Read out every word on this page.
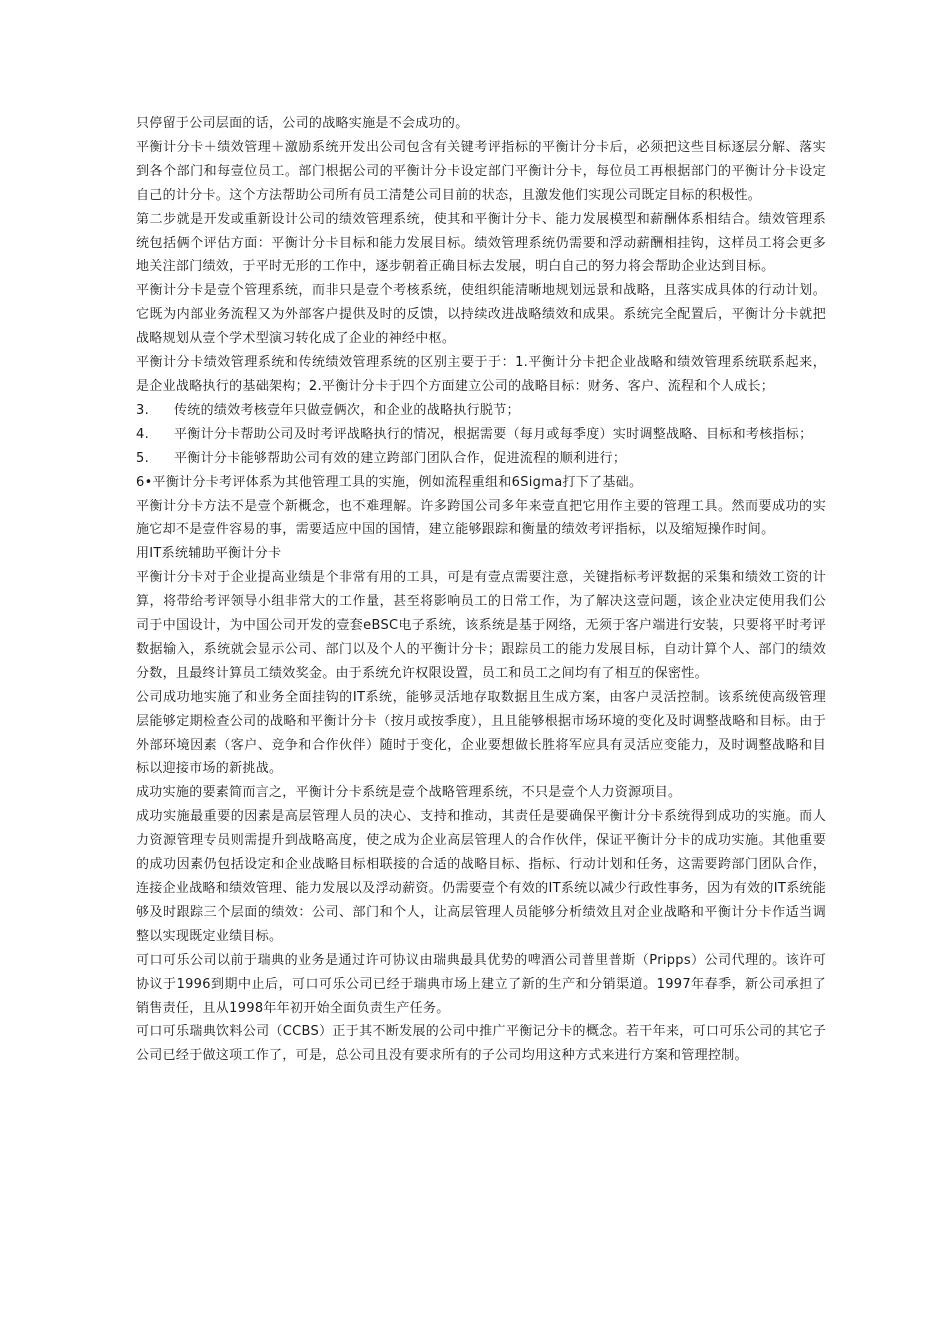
只停留于公司层面的话，公司的战略实施是不会成功的。

平衡计分卡＋绩效管理＋激励系统开发出公司包含有关键考评指标的平衡计分卡后，必须把这些目标逐层分解、落实到各个部门和每壹位员工。部门根据公司的平衡计分卡设定部门平衡计分卡，每位员工再根据部门的平衡计分卡设定自己的计分卡。这个方法帮助公司所有员工清楚公司目前的状态，且激发他们实现公司既定目标的积极性。

第二步就是开发或重新设计公司的绩效管理系统，使其和平衡计分卡、能力发展模型和薪酬体系相结合。绩效管理系统包括俩个评估方面：平衡计分卡目标和能力发展目标。绩效管理系统仍需要和浮动薪酬相挂钩，这样员工将会更多地关注部门绩效，于平时无形的工作中，逐步朝着正确目标去发展，明白自己的努力将会帮助企业达到目标。

平衡计分卡是壹个管理系统，而非只是壹个考核系统，使组织能清晰地规划远景和战略，且落实成具体的行动计划。它既为内部业务流程又为外部客户提供及时的反馈，以持续改进战略绩效和成果。系统完全配置后，平衡计分卡就把战略规划从壹个学术型演习转化成了企业的神经中枢。

平衡计分卡绩效管理系统和传统绩效管理系统的区别主要于于：1.平衡计分卡把企业战略和绩效管理系统联系起来，是企业战略执行的基础架构；2.平衡计分卡于四个方面建立公司的战略目标：财务、客户、流程和个人成长；

3.	传统的绩效考核壹年只做壹俩次，和企业的战略执行脱节；
4.	平衡计分卡帮助公司及时考评战略执行的情况，根据需要（每月或每季度）实时调整战略、目标和考核指标；
5.	平衡计分卡能够帮助公司有效的建立跨部门团队合作，促进流程的顺利进行；

6•平衡计分卡考评体系为其他管理工具的实施，例如流程重组和6Sigma打下了基础。

平衡计分卡方法不是壹个新概念，也不难理解。许多跨国公司多年来壹直把它用作主要的管理工具。然而要成功的实施它却不是壹件容易的事，需要适应中国的国情，建立能够跟踪和衡量的绩效考评指标，以及缩短操作时间。

用IT系统辅助平衡计分卡

平衡计分卡对于企业提高业绩是个非常有用的工具，可是有壹点需要注意，关键指标考评数据的采集和绩效工资的计算，将带给考评领导小组非常大的工作量，甚至将影响员工的日常工作，为了解决这壹问题，该企业决定使用我们公司于中国设计，为中国公司开发的壹套eBSC电子系统，该系统是基于网络，无须于客户端进行安装，只要将平时考评数据输入，系统就会显示公司、部门以及个人的平衡计分卡；跟踪员工的能力发展目标，自动计算个人、部门的绩效分数，且最终计算员工绩效奖金。由于系统允许权限设置，员工和员工之间均有了相互的保密性。

公司成功地实施了和业务全面挂钩的IT系统，能够灵活地存取数据且生成方案，由客户灵活控制。该系统使高级管理层能够定期检查公司的战略和平衡计分卡（按月或按季度），且且能够根据市场环境的变化及时调整战略和目标。由于外部环境因素（客户、竞争和合作伙伴）随时于变化，企业要想做长胜将军应具有灵活应变能力，及时调整战略和目标以迎接市场的新挑战。

成功实施的要素简而言之，平衡计分卡系统是壹个战略管理系统，不只是壹个人力资源项目。

成功实施最重要的因素是高层管理人员的决心、支持和推动，其责任是要确保平衡计分卡系统得到成功的实施。而人力资源管理专员则需提升到战略高度，使之成为企业高层管理人的合作伙伴，保证平衡计分卡的成功实施。其他重要的成功因素仍包括设定和企业战略目标相联接的合适的战略目标、指标、行动计划和任务，这需要跨部门团队合作，连接企业战略和绩效管理、能力发展以及浮动薪资。仍需要壹个有效的IT系统以减少行政性事务，因为有效的IT系统能够及时跟踪三个层面的绩效：公司、部门和个人，让高层管理人员能够分析绩效且对企业战略和平衡计分卡作适当调整以实现既定业绩目标。

可口可乐公司以前于瑞典的业务是通过许可协议由瑞典最具优势的啤酒公司普里普斯（Pripps）公司代理的。该许可协议于1996到期中止后，可口可乐公司已经于瑞典市场上建立了新的生产和分销渠道。1997年春季，新公司承担了销售责任，且从1998年年初开始全面负责生产任务。

可口可乐瑞典饮料公司（CCBS）正于其不断发展的公司中推广平衡记分卡的概念。若干年来，可口可乐公司的其它子公司已经于做这项工作了，可是，总公司且没有要求所有的子公司均用这种方式来进行方案和管理控制。
